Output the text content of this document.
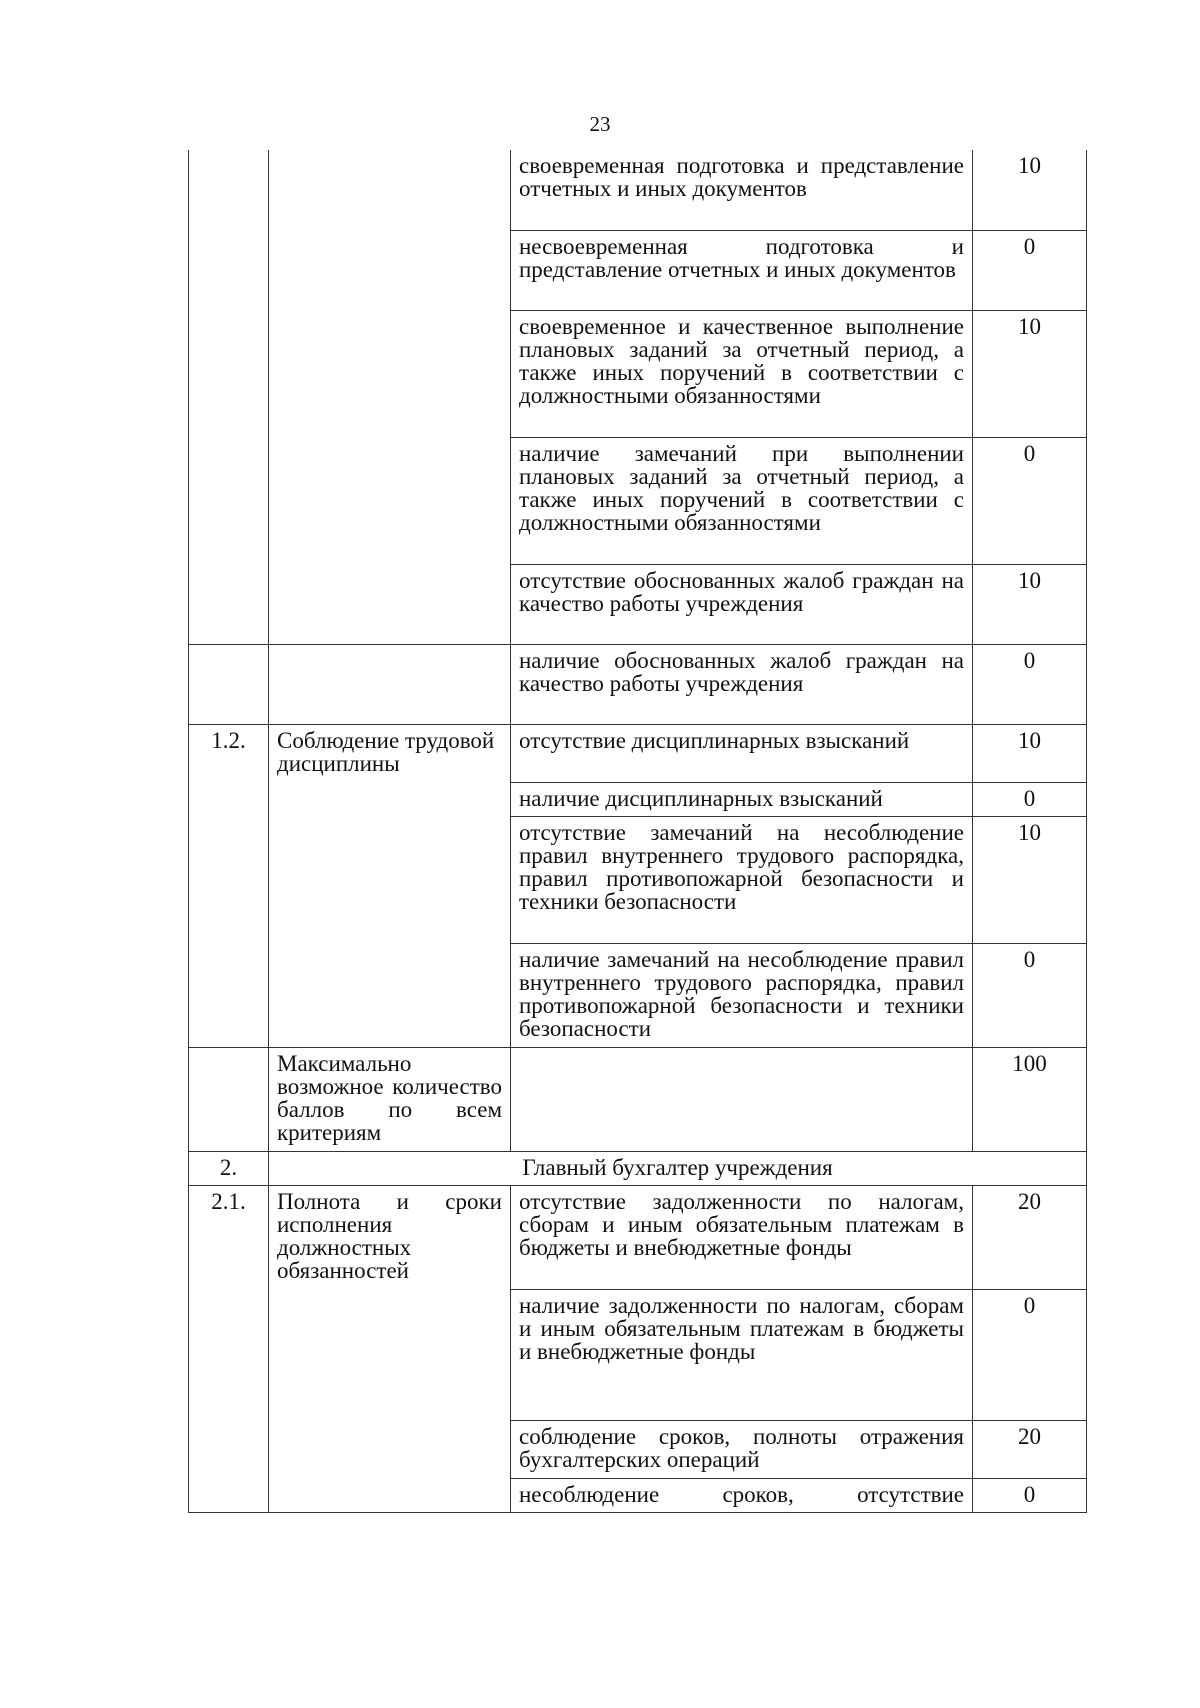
23
		своевременная подготовка и представление отчетных и иных документов	10
		несвоевременная подготовка и представление отчетных и иных документов	0
		своевременное и качественное выполнение плановых заданий за отчетный период, а также иных поручений в соответствии с должностными обязанностями	10
		наличие замечаний при выполнении плановых заданий за отчетный период, а также иных поручений в соответствии с должностными обязанностями	0
		отсутствие обоснованных жалоб граждан на качество работы учреждения	10
		наличие обоснованных жалоб граждан на качество работы учреждения	0
1.2.	Соблюдение трудовой дисциплины	отсутствие дисциплинарных взысканий	10
		наличие дисциплинарных взысканий	0
		отсутствие замечаний на несоблюдение правил внутреннего трудового распорядка, правил противопожарной безопасности и техники безопасности	10
		наличие замечаний на несоблюдение правил внутреннего трудового распорядка, правил противопожарной безопасности и техники безопасности	0
	Максимально возможное количество баллов по всем критериям		100
2.	Главный бухгалтер учреждения		
2.1.	Полнота и сроки исполнения должностных обязанностей	отсутствие задолженности по налогам, сборам и иным обязательным платежам в бюджеты и внебюджетные фонды	20
		наличие задолженности по налогам, сборам и иным обязательным платежам в бюджеты и внебюджетные фонды	0
		соблюдение сроков, полноты отражения бухгалтерских операций	20
		несоблюдение сроков, отсутствие	0
